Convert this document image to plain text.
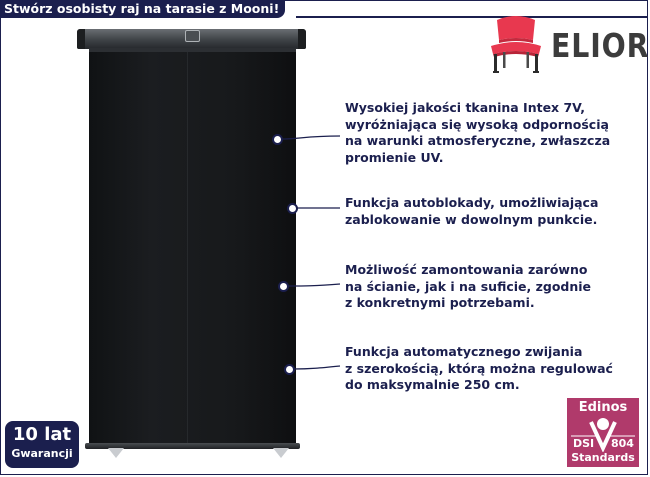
Stwórz osobisty raj na tarasie z Mooni!

Wysokiej jakości tkanina Intex 7V,
wyróżniająca się wysoką odpornością
na warunki atmosferyczne, zwłaszcza
promienie UV.

Funkcja autoblokady, umożliwiająca
zablokowanie w dowolnym punkcie.

Możliwość zamontowania zarówno
na ścianie, jak i na suficie, zgodnie
z konkretnymi potrzebami.

Funkcja automatycznego zwijania
z szerokością, którą można regulować
do maksymalnie 250 cm.

ELIOR
10 lat
Gwarancji
Edinos
DSI 804
Standards
